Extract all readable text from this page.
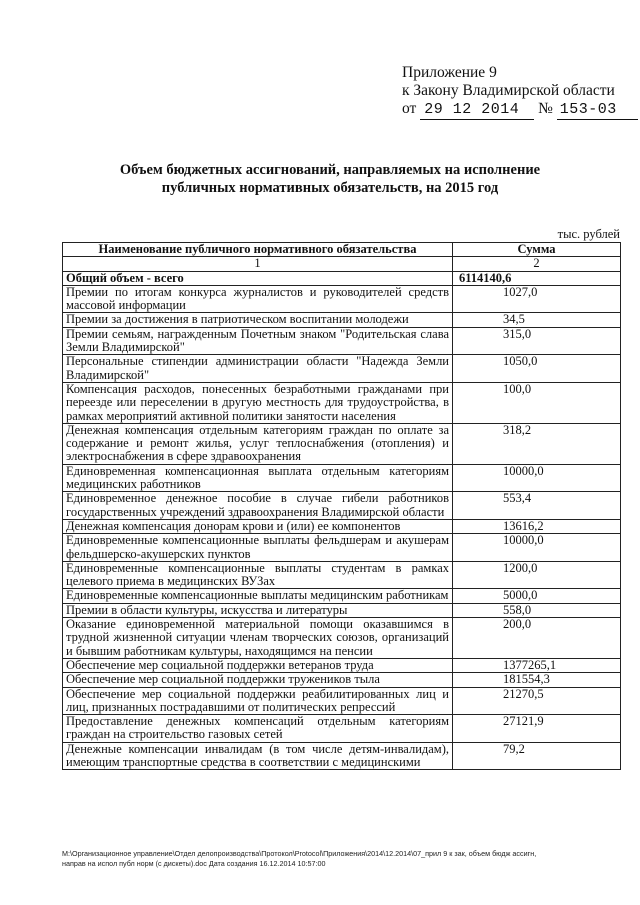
Приложение 9
к Закону Владимирской области
от 29 12 2014 № 153-03
Объем бюджетных ассигнований, направляемых на исполнение
публичных нормативных обязательств, на 2015 год
тыс. рублей
Наименование публичного нормативного обязательства	Сумма
1	2
Общий объем - всего	6114140,6
Премии по итогам конкурса журналистов и руководителей средств массовой информации	1027,0
Премии за достижения в патриотическом воспитании молодежи	34,5
Премии семьям, награжденным Почетным знаком "Родительская слава Земли Владимирской"	315,0
Персональные стипендии администрации области "Надежда Земли Владимирской"	1050,0
Компенсация расходов, понесенных безработными гражданами при переезде или переселении в другую местность для трудоустройства, в рамках мероприятий активной политики занятости населения	100,0
Денежная компенсация отдельным категориям граждан по оплате за содержание и ремонт жилья, услуг теплоснабжения (отопления) и электроснабжения в сфере здравоохранения	318,2
Единовременная компенсационная выплата отдельным категориям медицинских работников	10000,0
Единовременное денежное пособие в случае гибели работников государственных учреждений здравоохранения Владимирской области	553,4
Денежная компенсация донорам крови и (или) ее компонентов	13616,2
Единовременные компенсационные выплаты фельдшерам и акушерам фельдшерско-акушерских пунктов	10000,0
Единовременные компенсационные выплаты студентам в рамках целевого приема в медицинских ВУЗах	1200,0
Единовременные компенсационные выплаты медицинским работникам	5000,0
Премии в области культуры, искусства и литературы	558,0
Оказание единовременной материальной помощи оказавшимся в трудной жизненной ситуации членам творческих союзов, организаций и бывшим работникам культуры, находящимся на пенсии	200,0
Обеспечение мер социальной поддержки ветеранов труда	1377265,1
Обеспечение мер социальной поддержки тружеников тыла	181554,3
Обеспечение мер социальной поддержки реабилитированных лиц и лиц, признанных пострадавшими от политических репрессий	21270,5
Предоставление денежных компенсаций отдельным категориям граждан на строительство газовых сетей	27121,9
Денежные компенсации инвалидам (в том числе детям-инвалидам), имеющим транспортные средства в соответствии с медицинскими	79,2
М:\Организационное управление\Отдел делопроизводства\Протокол\Protocol\Приложения\2014\12.2014\07_прил 9 к зак, объем бюдж ассигн,
направ на испол публ норм (с дискеты).doc Дата создания 16.12.2014 10:57:00
